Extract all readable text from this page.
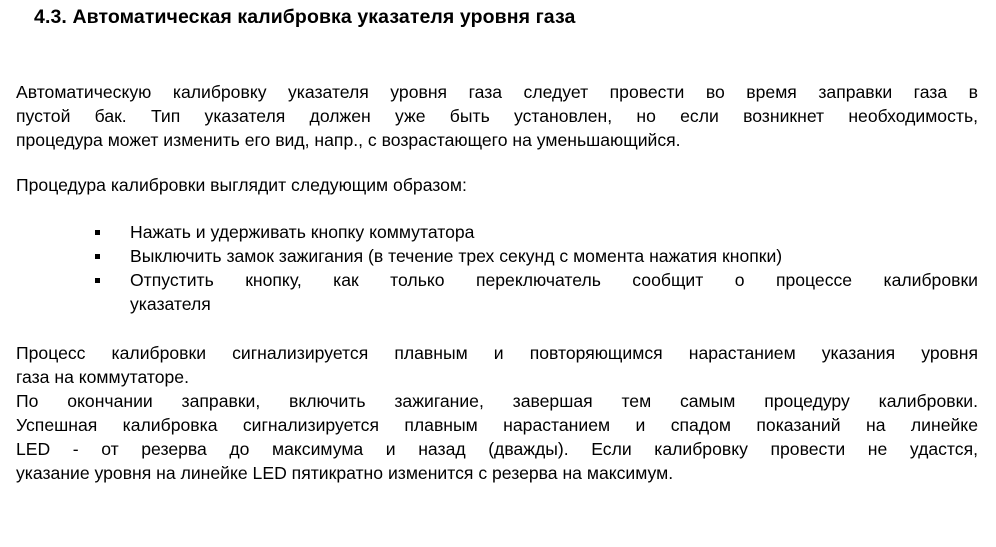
4.3. Автоматическая калибровка указателя уровня газа
Автоматическую калибровку указателя уровня газа следует провести во время заправки газа в
пустой бак. Тип указателя должен уже быть установлен, но если возникнет необходимость,
процедура может изменить его вид, напр., с возрастающего на уменьшающийся.
Процедура калибровки выглядит следующим образом:
Нажать и удерживать кнопку коммутатора
Выключить замок зажигания (в течение трех секунд с момента нажатия кнопки)
Отпустить кнопку, как только переключатель сообщит о процессе калибровки
указателя
Процесс калибровки сигнализируется плавным и повторяющимся нарастанием указания уровня
газа на коммутаторе.
По окончании заправки, включить зажигание, завершая тем самым процедуру калибровки.
Успешная калибровка сигнализируется плавным нарастанием и спадом показаний на линейке
LED - от резерва до максимума и назад (дважды). Если калибровку провести не удастся,
указание уровня на линейке LED пятикратно изменится с резерва на максимум.
